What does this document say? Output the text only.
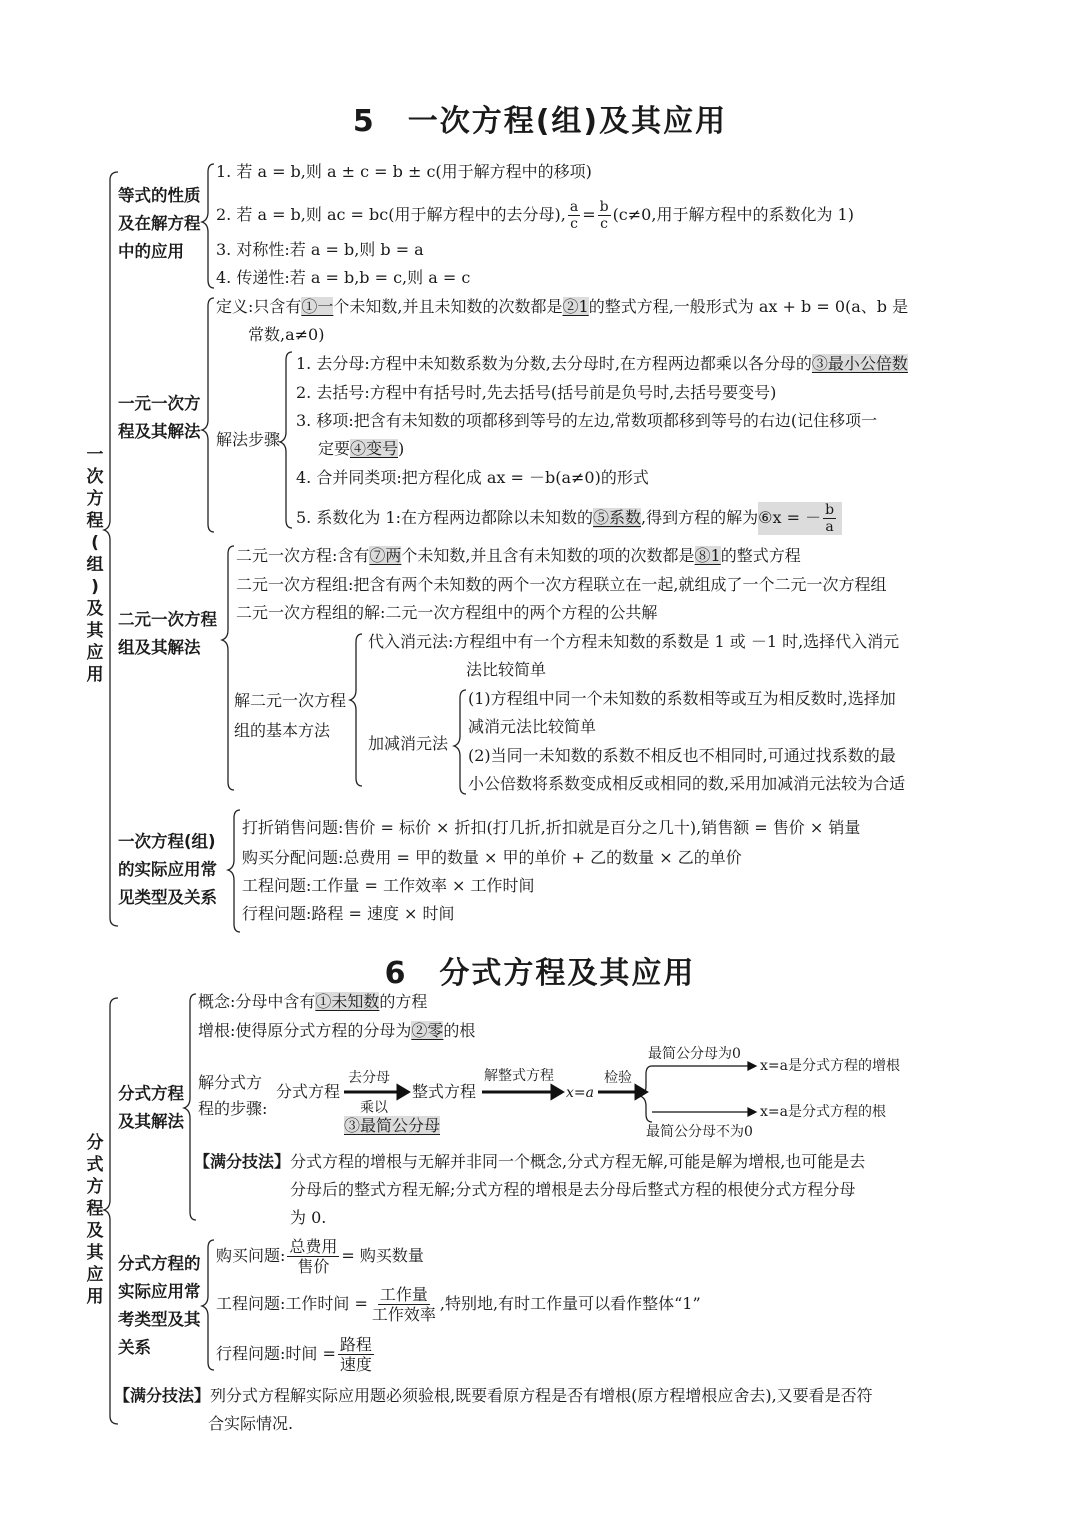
5　一次方程(组)及其应用
一
次
方
程
(
组
)
及
其
应
用
等式的性质
及在解方程
中的应用
1. 若 a = b,则 a ± c = b ± c(用于解方程中的移项)
2. 若 a = b,则 ac = bc(用于解方程中的去分母), $\frac{a}{c} = \frac{b}{c} (c\ne 0$,用于解方程中的系数化为 1)
3. 对称性:若 a = b,则 b = a
4. 传递性:若 a = b,b = c,则 a = c
一元一次方
程及其解法
定义:只含有①一个未知数,并且未知数的次数都是②1的整式方程,一般形式为 ax + b = 0(a、b 是
常数,a≠0)
解法步骤
1. 去分母:方程中未知数系数为分数,去分母时,在方程两边都乘以各分母的③最小公倍数
2. 去括号:方程中有括号时,先去括号(括号前是负号时,去括号要变号)
3. 移项:把含有未知数的项都移到等号的左边,常数项都移到等号的右边(记住移项一
定要④变号)
4. 合并同类项:把方程化成 ax = －b(a≠0)的形式
5. 系数化为 1:在方程两边都除以未知数的 ⑤系数 ,得到方程的解为 ⑥x = － $\frac{b}{a}$
二元一次方程
组及其解法
二元一次方程:含有⑦两个未知数,并且含有未知数的项的次数都是⑧1的整式方程
二元一次方程组:把含有两个未知数的两个一次方程联立在一起,就组成了一个二元一次方程组
二元一次方程组的解:二元一次方程组中的两个方程的公共解
解二元一次方程
组的基本方法
代入消元法:方程组中有一个方程未知数的系数是 1 或 －1 时,选择代入消元
法比较简单
加减消元法
(1)方程组中同一个未知数的系数相等或互为相反数时,选择加
减消元法比较简单
(2)当同一未知数的系数不相反也不相同时,可通过找系数的最
小公倍数将系数变成相反或相同的数,采用加减消元法较为合适
一次方程(组)
的实际应用常
见类型及关系
打折销售问题:售价 = 标价 × 折扣(打几折,折扣就是百分之几十),销售额 = 售价 × 销量
购买分配问题:总费用 = 甲的数量 × 甲的单价 + 乙的数量 × 乙的单价
工程问题:工作量 = 工作效率 × 工作时间
行程问题:路程 = 速度 × 时间
6　分式方程及其应用
分
式
方
程
及
其
应
用
分式方程
及其解法
概念:分母中含有①未知数的方程
增根:使得原分式方程的分母为②零的根
解分式方
程的步骤:
分式方程
去分母
乘以
③最简公分母
整式方程
解整式方程
x=a
检验
最简公分母为0
x=a是分式方程的增根
x=a是分式方程的根
最简公分母不为0
【满分技法】分式方程的增根与无解并非同一个概念,分式方程无解,可能是解为增根,也可能是去
分母后的整式方程无解;分式方程的增根是去分母后整式方程的根使分式方程分母
为 0.
分式方程的
实际应用常
考类型及其
关系
购买问题: $\frac{\text{总费用}}{\text{售价}}$ = 购买数量
工程问题:工作时间 = $\frac{\text{工作量}}{\text{工作效率}}$ ,特别地,有时工作量可以看作整体“1”
行程问题:时间 = $\frac{\text{路程}}{\text{速度}}$
【满分技法】列分式方程解实际应用题必须验根,既要看原方程是否有增根(原方程增根应舍去),又要看是否符
合实际情况.
